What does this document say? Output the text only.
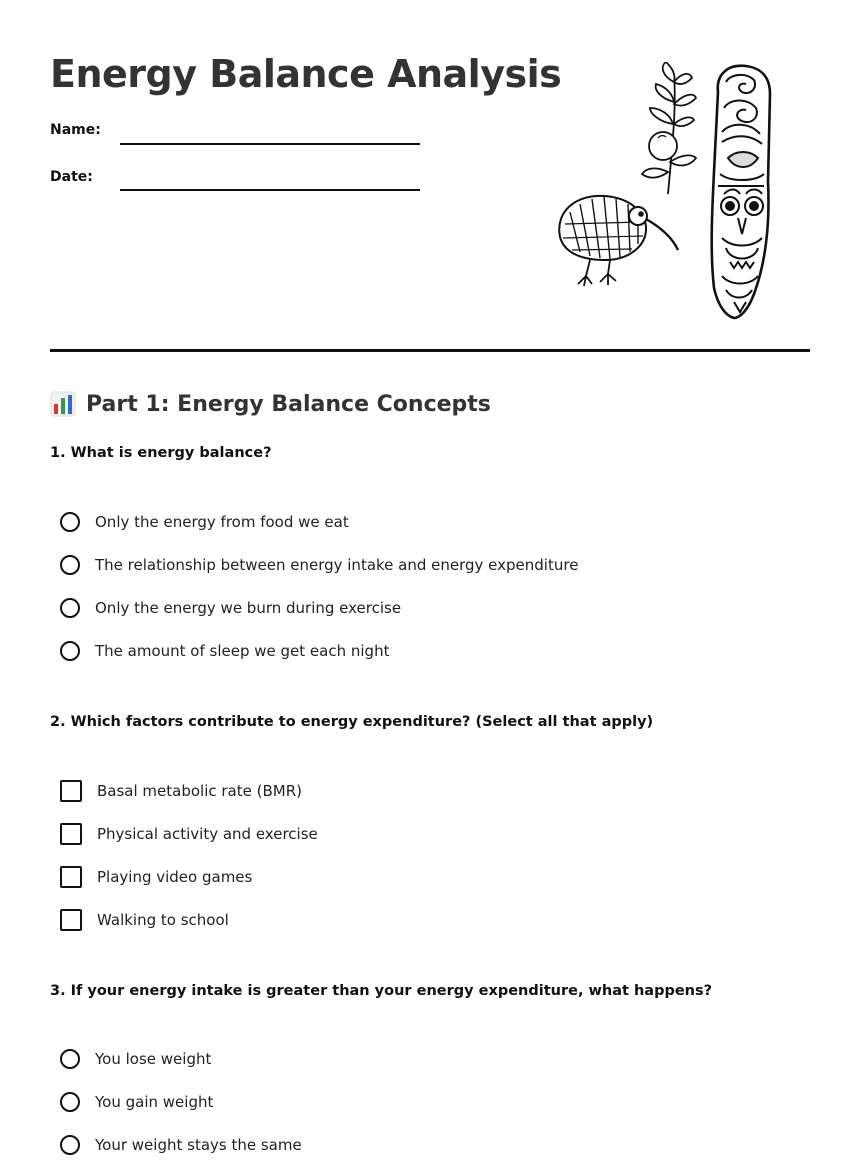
Energy Balance Analysis
Name:
Date:
Part 1: Energy Balance Concepts
1. What is energy balance?
Only the energy from food we eat
The relationship between energy intake and energy expenditure
Only the energy we burn during exercise
The amount of sleep we get each night
2. Which factors contribute to energy expenditure? (Select all that apply)
Basal metabolic rate (BMR)
Physical activity and exercise
Playing video games
Walking to school
3. If your energy intake is greater than your energy expenditure, what happens?
You lose weight
You gain weight
Your weight stays the same
